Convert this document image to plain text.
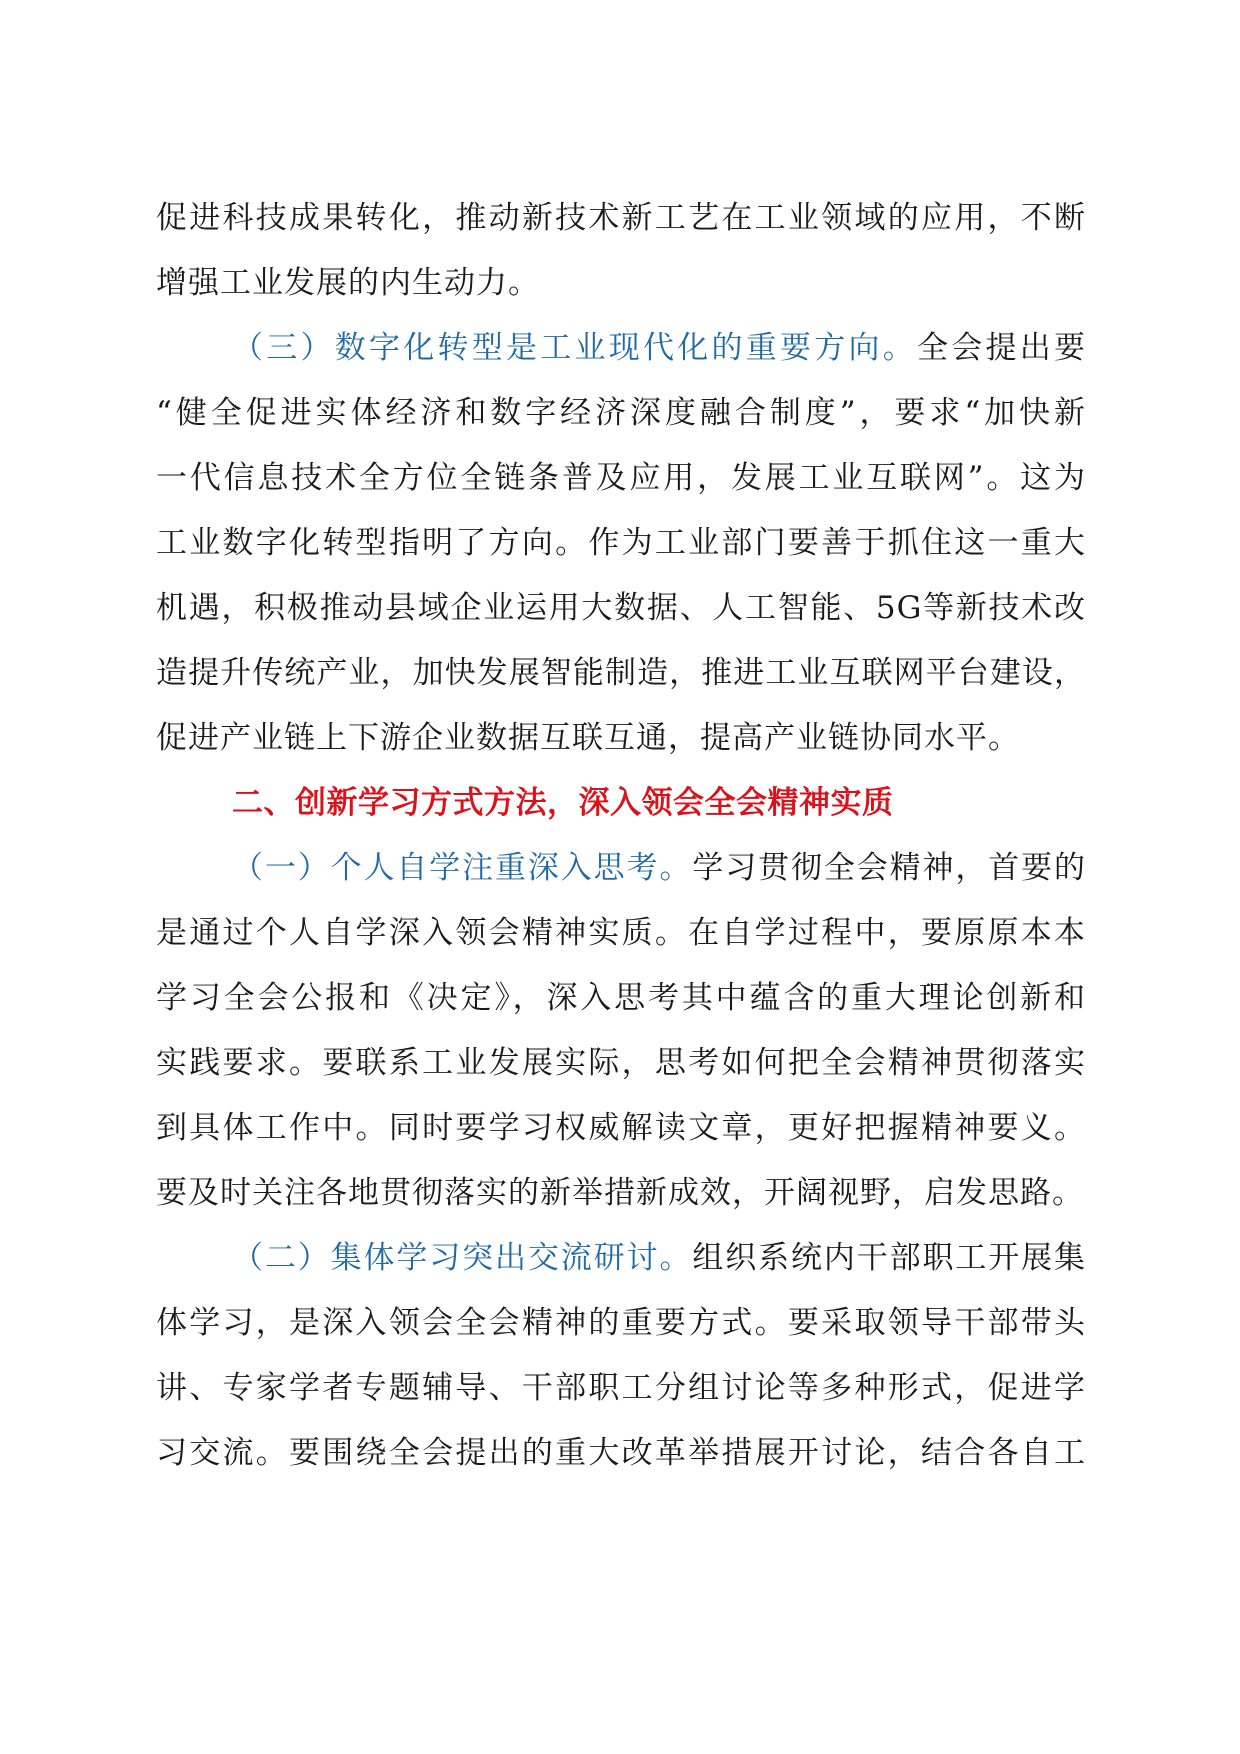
促进科技成果转化，推动新技术新工艺在工业领域的应用，不断
增强工业发展的内生动力。
（三）数字化转型是工业现代化的重要方向。全会提出要
“健全促进实体经济和数字经济深度融合制度”，要求“加快新
一代信息技术全方位全链条普及应用，发展工业互联网”。这为
工业数字化转型指明了方向。作为工业部门要善于抓住这一重大
机遇，积极推动县域企业运用大数据、人工智能、5G等新技术改
造提升传统产业，加快发展智能制造，推进工业互联网平台建设，
促进产业链上下游企业数据互联互通，提高产业链协同水平。
二、创新学习方式方法，深入领会全会精神实质
（一）个人自学注重深入思考。学习贯彻全会精神，首要的
是通过个人自学深入领会精神实质。在自学过程中，要原原本本
学习全会公报和《决定》，深入思考其中蕴含的重大理论创新和
实践要求。要联系工业发展实际，思考如何把全会精神贯彻落实
到具体工作中。同时要学习权威解读文章，更好把握精神要义。
要及时关注各地贯彻落实的新举措新成效，开阔视野，启发思路。
（二）集体学习突出交流研讨。组织系统内干部职工开展集
体学习，是深入领会全会精神的重要方式。要采取领导干部带头
讲、专家学者专题辅导、干部职工分组讨论等多种形式，促进学
习交流。要围绕全会提出的重大改革举措展开讨论，结合各自工
